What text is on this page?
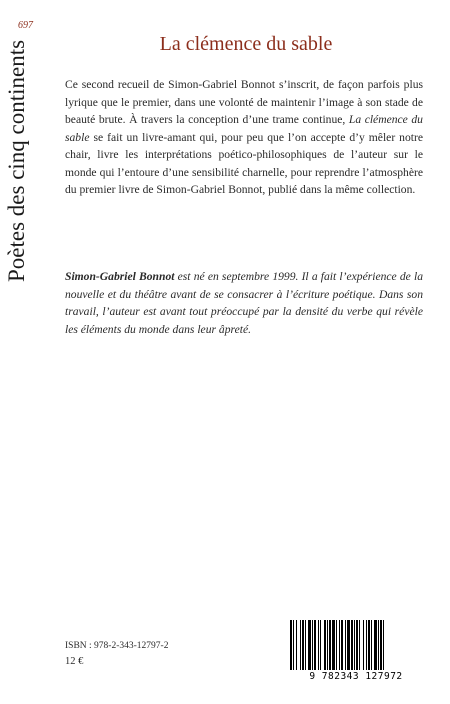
697
Poètes des cinq continents	La clémence du sable

Ce second recueil de Simon-Gabriel Bonnot s’inscrit, de façon parfois plus lyrique que le premier, dans une volonté de maintenir l’image à son stade de beauté brute. À travers la conception d’une trame continue, La clémence du sable se fait un livre-amant qui, pour peu que l’on accepte d’y mêler notre chair, livre les interprétations poético-philosophiques de l’auteur sur le monde qui l’entoure d’une sensibilité charnelle, pour reprendre l’atmosphère du premier livre de Simon-Gabriel Bonnot, publié dans la même collection.

Simon-Gabriel Bonnot est né en septembre 1999. Il a fait l’expérience de la nouvelle et du théâtre avant de se consacrer à l’écriture poétique. Dans son travail, l’auteur est avant tout préoccupé par la densité du verbe qui révèle les éléments du monde dans leur âpreté.

ISBN : 978-2-343-12797-2
12 €
9 782343 127972
